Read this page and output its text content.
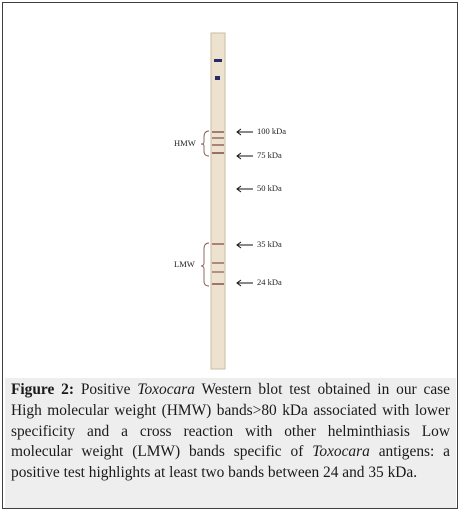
100 kDa
75 kDa
50 kDa
35 kDa
24 kDa
HMW
LMW

Figure 2: Positive Toxocara Western blot test obtained in our case High molecular weight (HMW) bands>80 kDa associated with lower specificity and a cross reaction with other helminthiasis Low molecular weight (LMW) bands specific of Toxocara antigens: a positive test highlights at least two bands between 24 and 35 kDa.
